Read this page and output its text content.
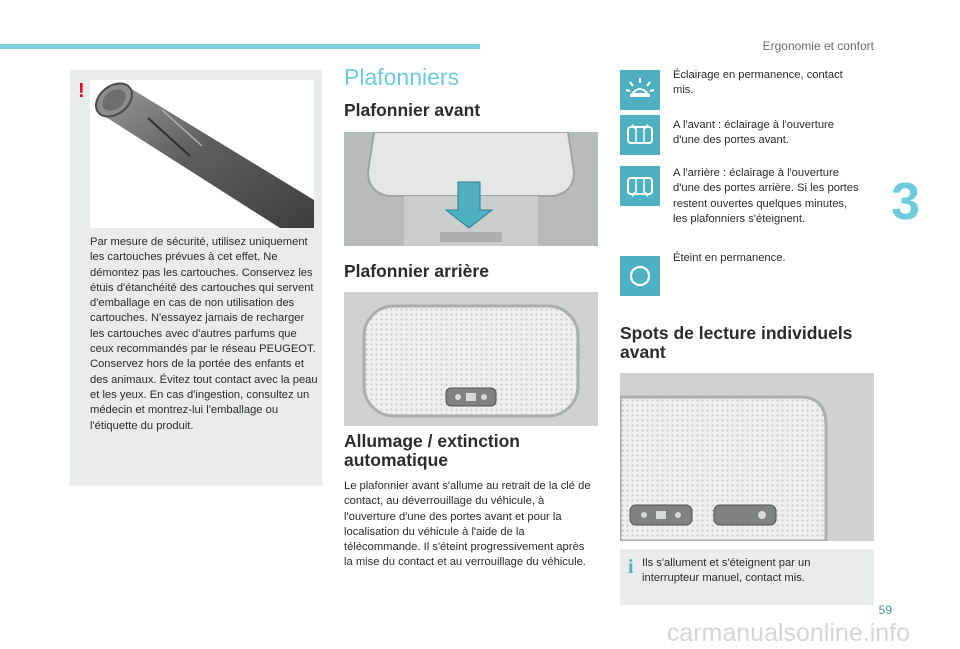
Ergonomie et confort
3
!
Par mesure de sécurité, utilisez uniquement les cartouches prévues à cet effet. Ne démontez pas les cartouches. Conservez les étuis d'étanchéité des cartouches qui servent d'emballage en cas de non utilisation des cartouches. N'essayez jamais de recharger les cartouches avec d'autres parfums que ceux recommandés par le réseau PEUGEOT. Conservez hors de la portée des enfants et des animaux. Évitez tout contact avec la peau et les yeux. En cas d'ingestion, consultez un médecin et montrez-lui l'emballage ou l'étiquette du produit.
Plafonniers
Plafonnier avant
Plafonnier arrière
Allumage / extinction automatique
Le plafonnier avant s'allume au retrait de la clé de contact, au déverrouillage du véhicule, à l'ouverture d'une des portes avant et pour la localisation du véhicule à l'aide de la télécommande. Il s'éteint progressivement après la mise du contact et au verrouillage du véhicule.
Éclairage en permanence, contact mis.
A l'avant : éclairage à l'ouverture d'une des portes avant.
A l'arrière : éclairage à l'ouverture d'une des portes arrière. Si les portes restent ouvertes quelques minutes, les plafonniers s'éteignent.
Éteint en permanence.
Spots de lecture individuels avant
i Ils s'allument et s'éteignent par un interrupteur manuel, contact mis.
59
carmanualsonline.info
